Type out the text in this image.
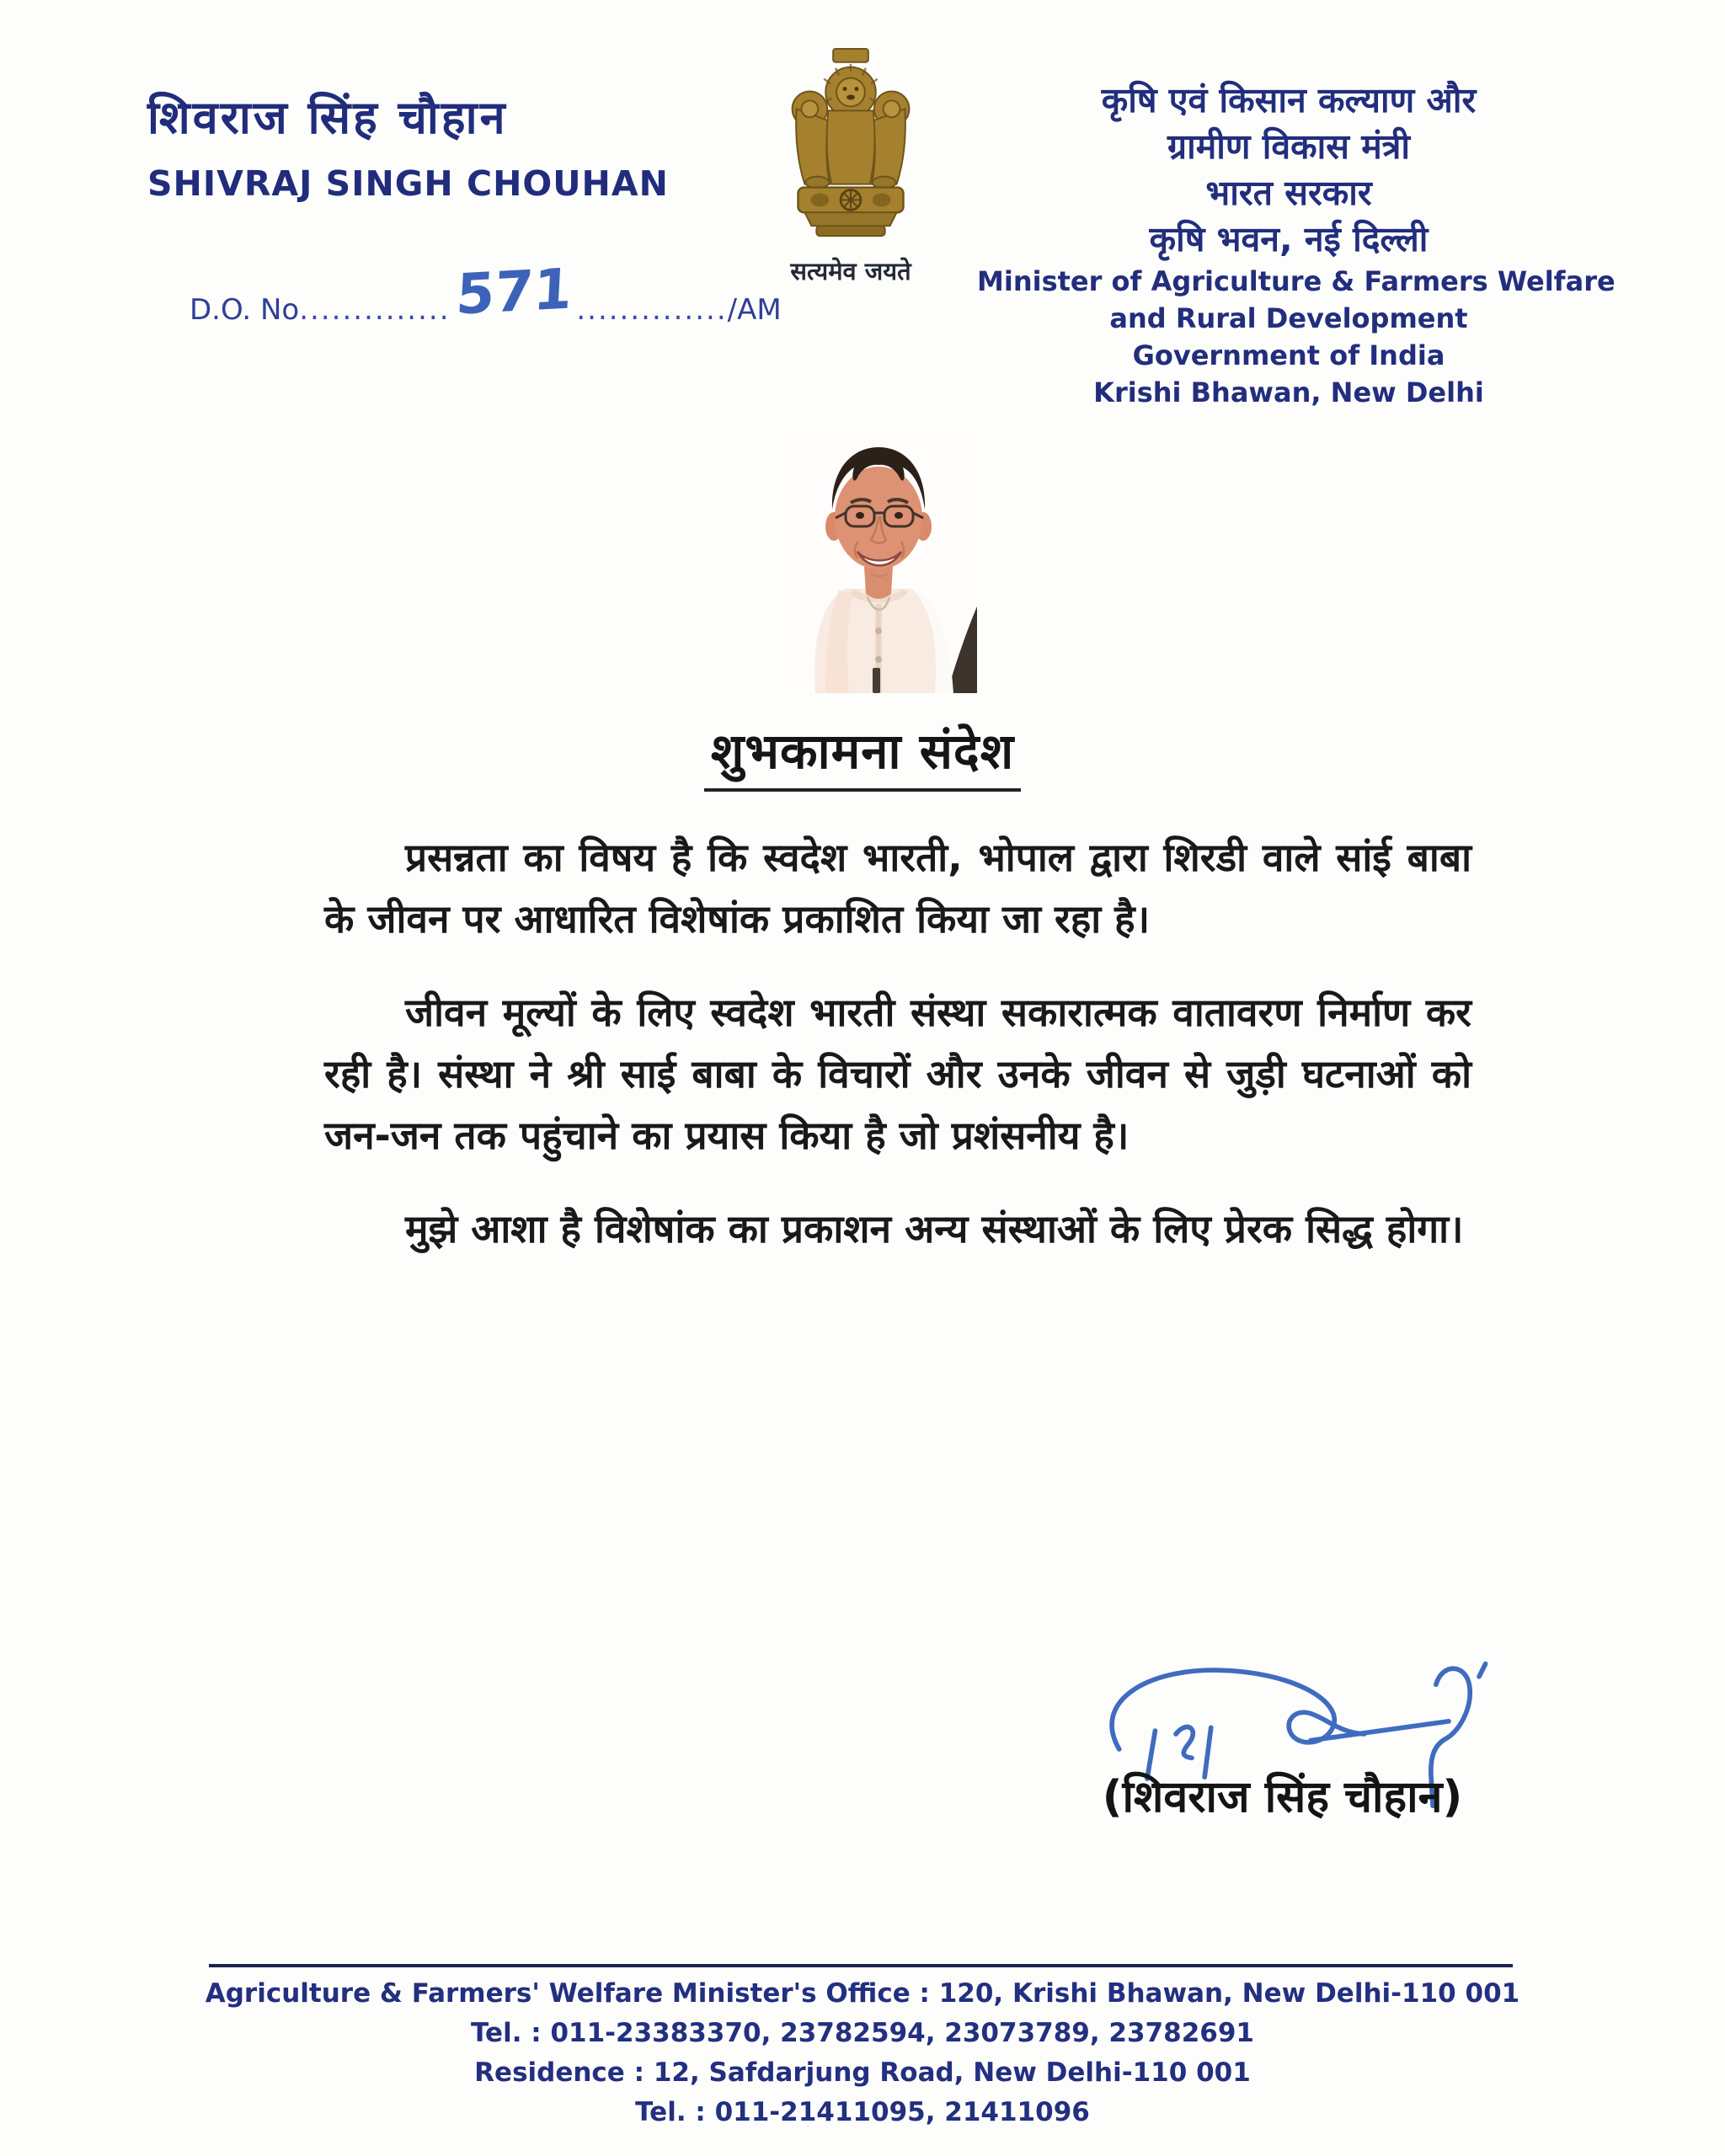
शिवराज सिंह चौहान
SHIVRAJ SINGH CHOUHAN
D.O. No..............571 ............../AM
सत्यमेव जयते
कृषि एवं किसान कल्याण और
ग्रामीण विकास मंत्री
भारत सरकार
कृषि भवन, नई दिल्ली
Minister of Agriculture & Farmers Welfare
and Rural Development
Government of India
Krishi Bhawan, New Delhi
शुभकामना संदेश

प्रसन्नता का विषय है कि स्वदेश भारती, भोपाल द्वारा शिरडी वाले सांई बाबा के जीवन पर आधारित विशेषांक प्रकाशित किया जा रहा है।

जीवन मूल्यों के लिए स्वदेश भारती संस्था सकारात्मक वातावरण निर्माण कर रही है। संस्था ने श्री साई बाबा के विचारों और उनके जीवन से जुड़ी घटनाओं को जन-जन तक पहुंचाने का प्रयास किया है जो प्रशंसनीय है।

मुझे आशा है विशेषांक का प्रकाशन अन्य संस्थाओं के लिए प्रेरक सिद्ध होगा।

(शिवराज सिंह चौहान)
Agriculture & Farmers' Welfare Minister's Office : 120, Krishi Bhawan, New Delhi-110 001
Tel. : 011-23383370, 23782594, 23073789, 23782691
Residence : 12, Safdarjung Road, New Delhi-110 001
Tel. : 011-21411095, 21411096
